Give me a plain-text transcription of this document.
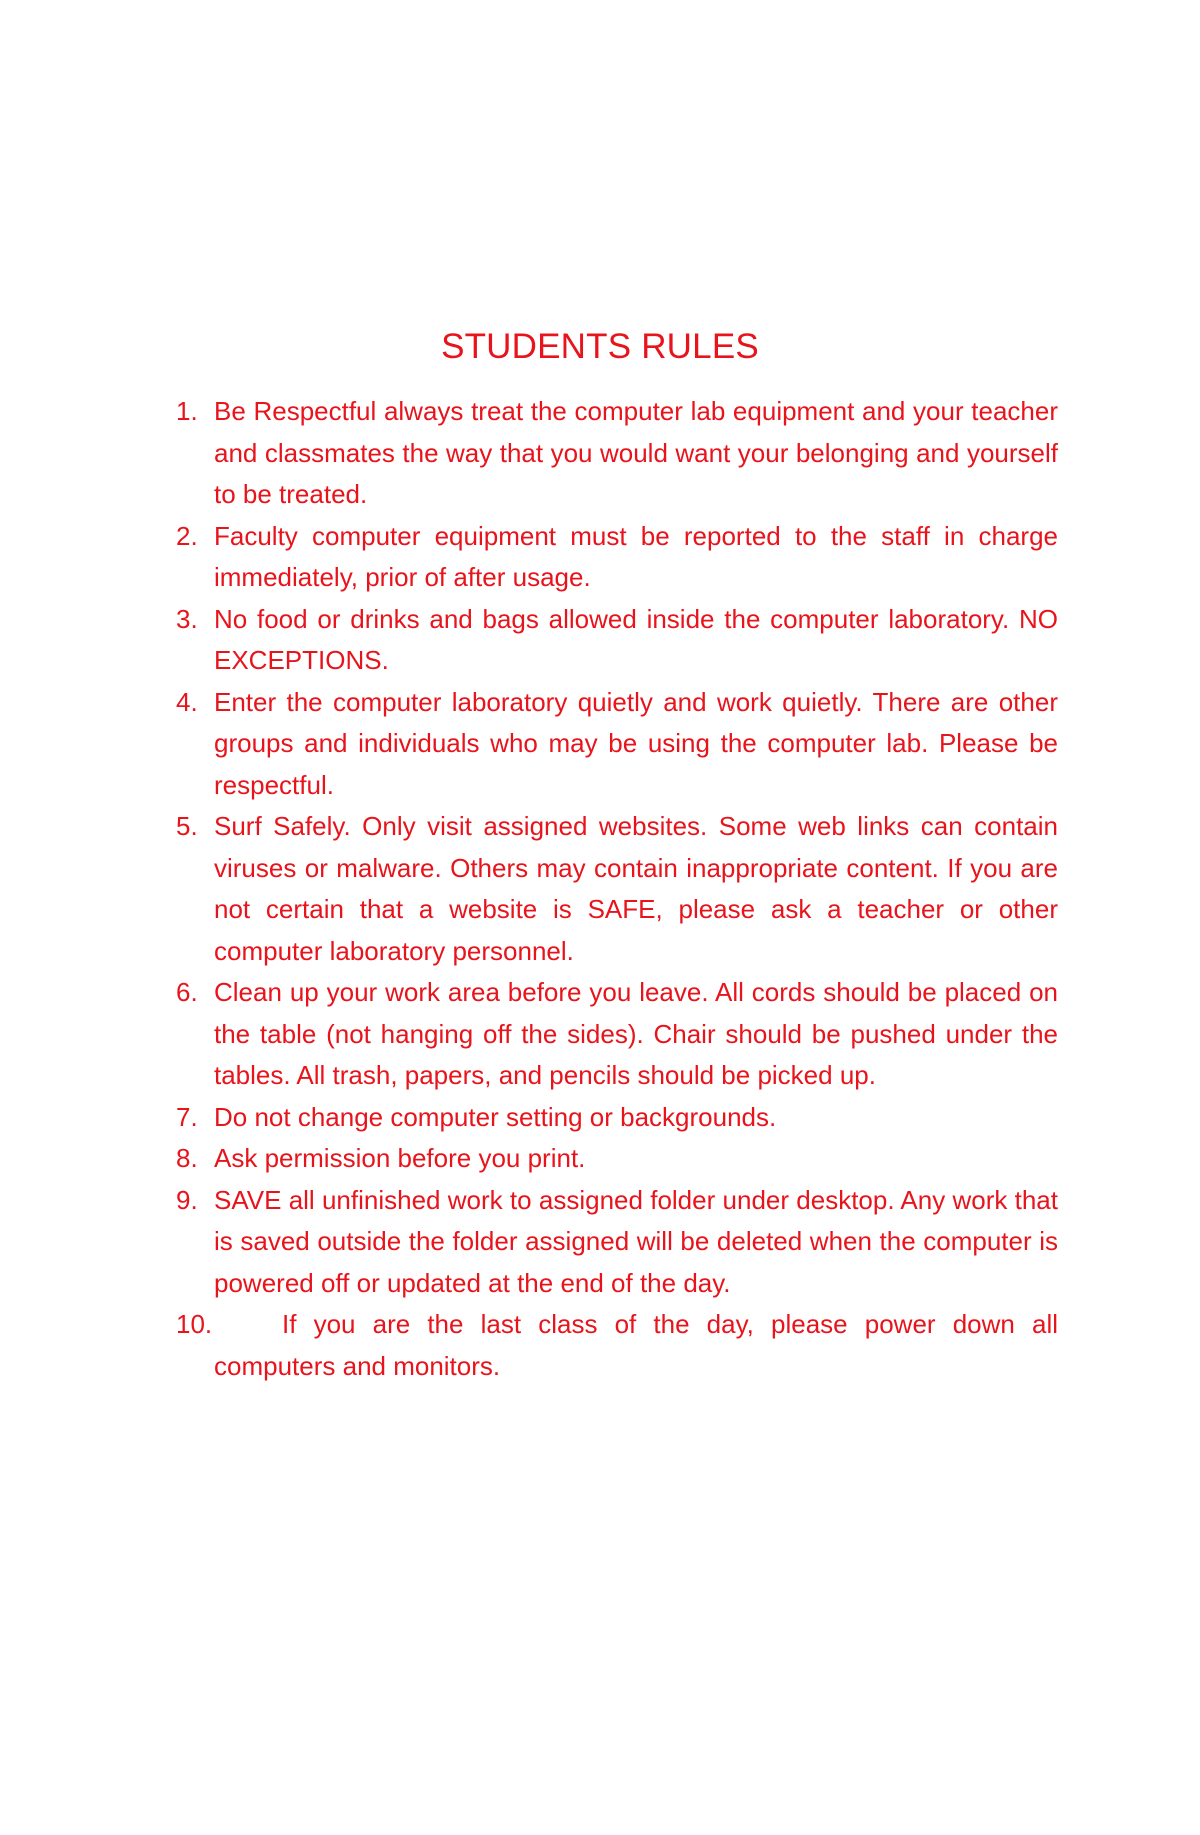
STUDENTS RULES
1. Be Respectful always treat the computer lab equipment and your teacher and classmates the way that you would want your belonging and yourself to be treated.
2. Faculty computer equipment must be reported to the staff in charge immediately, prior of after usage.
3. No food or drinks and bags allowed inside the computer laboratory. NO EXCEPTIONS.
4. Enter the computer laboratory quietly and work quietly. There are other groups and individuals who may be using the computer lab. Please be respectful.
5. Surf Safely. Only visit assigned websites. Some web links can contain viruses or malware. Others may contain inappropriate content. If you are not certain that a website is SAFE, please ask a teacher or other computer laboratory personnel.
6. Clean up your work area before you leave. All cords should be placed on the table (not hanging off the sides). Chair should be pushed under the tables. All trash, papers, and pencils should be picked up.
7. Do not change computer setting or backgrounds.
8. Ask permission before you print.
9. SAVE all unfinished work to assigned folder under desktop. Any work that is saved outside the folder assigned will be deleted when the computer is powered off or updated at the end of the day.
10.	If you are the last class of the day, please power down all computers and monitors.
